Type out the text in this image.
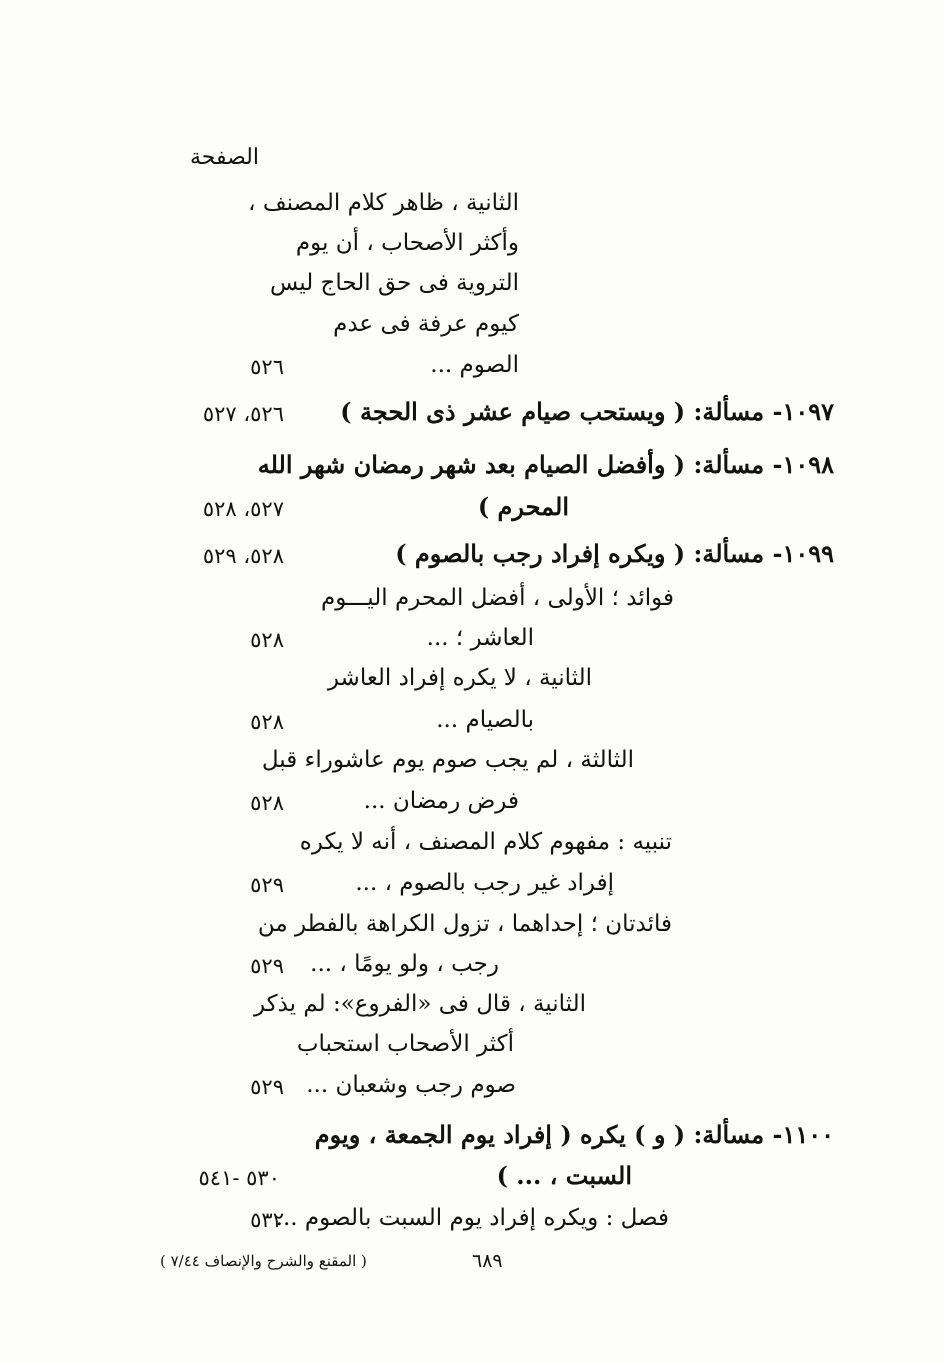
الصفحة
الثانية ، ظاهر كلام المصنف ،
وأكثر الأصحاب ، أن يوم
التروية فى حق الحاج ليس
كيوم عرفة فى عدم
الصوم ...
٥٢٦
١٠٩٧- مسألة: ( ويستحب صيام عشر ذى الحجة )
٥٢٦، ٥٢٧
١٠٩٨- مسألة: ( وأفضل الصيام بعد شهر رمضان شهر الله
المحرم )
٥٢٧، ٥٢٨
١٠٩٩- مسألة: ( ويكره إفراد رجب بالصوم )
٥٢٨، ٥٢٩
فوائد ؛ الأولى ، أفضل المحرم اليـــوم
العاشر ؛ ...
٥٢٨
الثانية ، لا يكره إفراد العاشر
بالصيام ...
٥٢٨
الثالثة ، لم يجب صوم يوم عاشوراء قبل
فرض رمضان ...
٥٢٨
تنبيه : مفهوم كلام المصنف ، أنه لا يكره
إفراد غير رجب بالصوم ، ...
٥٢٩
فائدتان ؛ إحداهما ، تزول الكراهة بالفطر من
رجب ، ولو يومًا ، ...
٥٢٩
الثانية ، قال فى «الفروع»: لم يذكر
أكثر الأصحاب استحباب
صوم رجب وشعبان ...
٥٢٩
١١٠٠- مسألة: ( و ) يكره ( إفراد يوم الجمعة ، ويوم
السبت ، ... )
٥٣٠ -٥٤١
فصل : ويكره إفراد يوم السبت بالصوم ...
٥٣٢
٦٨٩
( المقنع والشرح والإنصاف ٧/٤٤ )
